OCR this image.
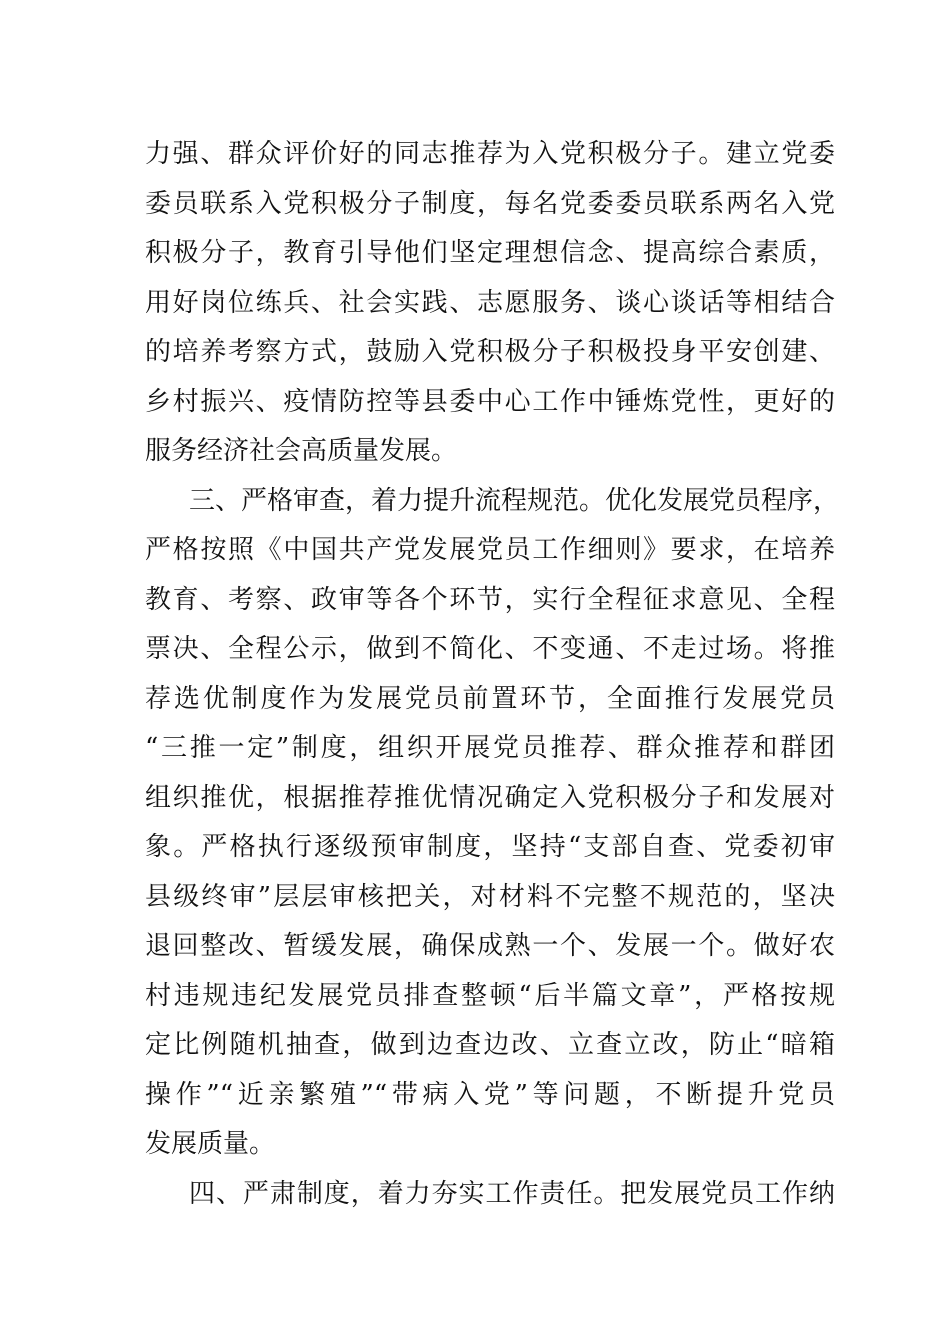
力强、群众评价好的同志推荐为入党积极分子。建立党委
委员联系入党积极分子制度，每名党委委员联系两名入党
积极分子，教育引导他们坚定理想信念、提高综合素质，
用好岗位练兵、社会实践、志愿服务、谈心谈话等相结合
的培养考察方式，鼓励入党积极分子积极投身平安创建、
乡村振兴、疫情防控等县委中心工作中锤炼党性，更好的
服务经济社会高质量发展。
三、严格审查，着力提升流程规范。优化发展党员程序，
严格按照《中国共产党发展党员工作细则》要求，在培养
教育、考察、政审等各个环节，实行全程征求意见、全程
票决、全程公示，做到不简化、不变通、不走过场。将推
荐选优制度作为发展党员前置环节，全面推行发展党员
“三推一定”制度，组织开展党员推荐、群众推荐和群团
组织推优，根据推荐推优情况确定入党积极分子和发展对
象。严格执行逐级预审制度，坚持“支部自查、党委初审
县级终审”层层审核把关，对材料不完整不规范的，坚决
退回整改、暂缓发展，确保成熟一个、发展一个。做好农
村违规违纪发展党员排查整顿“后半篇文章”，严格按规
定比例随机抽查，做到边查边改、立查立改，防止“暗箱
操作”“近亲繁殖”“带病入党”等问题，不断提升党员
发展质量。
四、严肃制度，着力夯实工作责任。把发展党员工作纳
